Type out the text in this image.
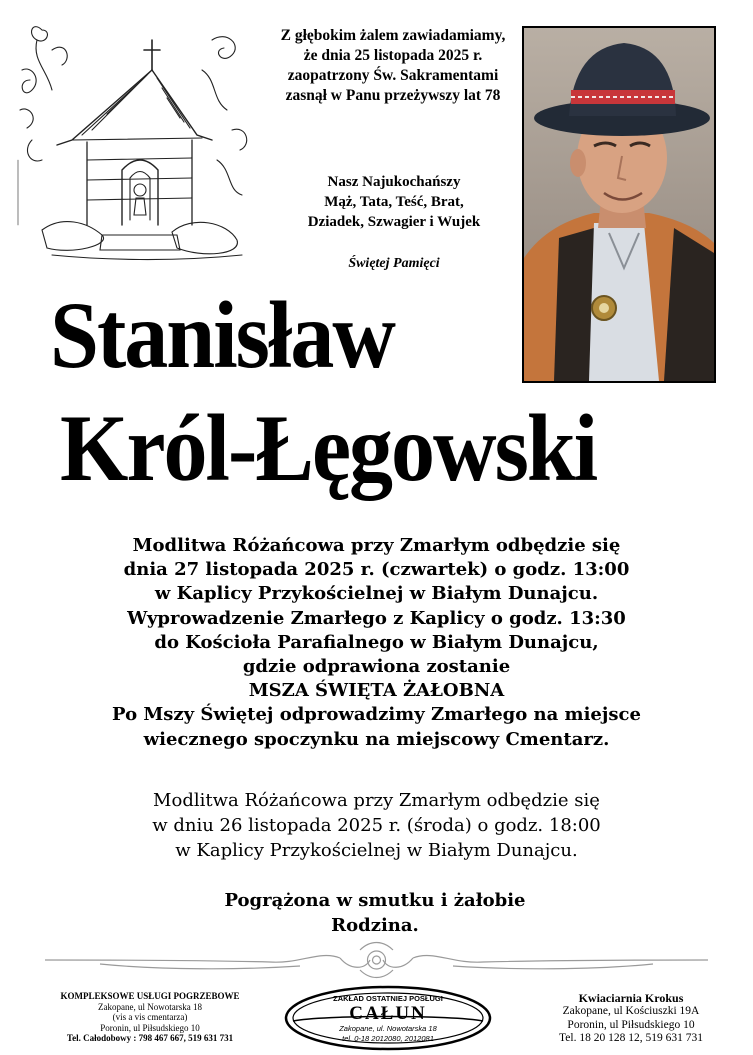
Z głębokim żalem zawiadamiamy,
że dnia 25 listopada 2025 r.
zaopatrzony Św. Sakramentami
zasnął w Panu przeżywszy lat 78
Nasz Najukochańszy
Mąż, Tata, Teść, Brat,
Dziadek, Szwagier i Wujek
Świętej Pamięci
Stanisław
Król-Łęgowski
Modlitwa Różańcowa przy Zmarłym odbędzie się
dnia 27 listopada 2025 r. (czwartek) o godz. 13:00
w Kaplicy Przykościelnej w Białym Dunajcu.
Wyprowadzenie Zmarłego z Kaplicy o godz. 13:30
do Kościoła Parafialnego w Białym Dunajcu,
gdzie odprawiona zostanie
MSZA ŚWIĘTA ŻAŁOBNA
Po Mszy Świętej odprowadzimy Zmarłego na miejsce
wiecznego spoczynku na miejscowy Cmentarz.
Modlitwa Różańcowa przy Zmarłym odbędzie się
w dniu 26 listopada 2025 r. (środa) o godz. 18:00
w Kaplicy Przykościelnej w Białym Dunajcu.
Pogrążona w smutku i żałobie
Rodzina.
KOMPLEKSOWE USŁUGI POGRZEBOWE
Zakopane, ul Nowotarska 18
(vis a vis cmentarza)
Poronin, ul Piłsudskiego 10
Tel. Całodobowy : 798 467 667, 519 631 731
ZAKŁAD OSTATNIEJ POSŁUGI
CAŁUN
Zakopane, ul. Nowotarska 18
tel. 0-18 2012080, 2012081
Kwiaciarnia Krokus
Zakopane, ul Kościuszki 19A
Poronin, ul Piłsudskiego 10
Tel. 18 20 128 12, 519 631 731
